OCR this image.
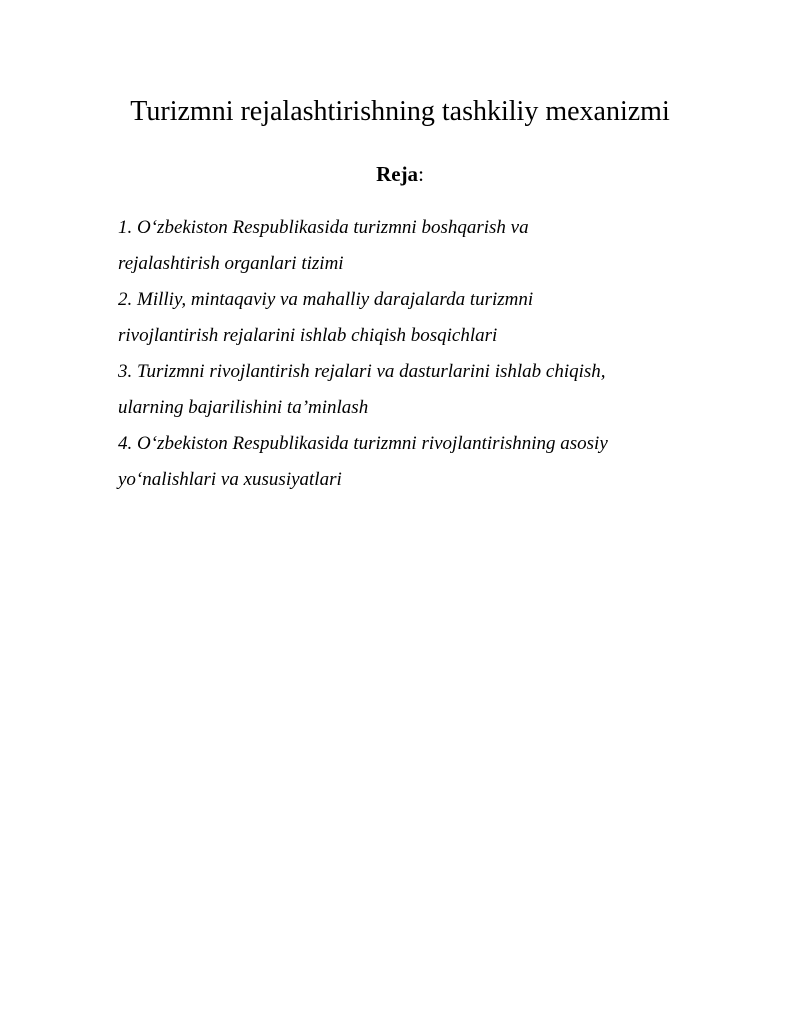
Turizmni rejalashtirishning tashkiliy mexanizmi

Reja:

1. O‘zbekiston Respublikasida turizmni boshqarish va
rejalashtirish organlari tizimi
2. Milliy, mintaqaviy va mahalliy darajalarda turizmni
rivojlantirish rejalarini ishlab chiqish bosqichlari
3. Turizmni rivojlantirish rejalari va dasturlarini ishlab chiqish,
ularning bajarilishini ta’minlash
4. O‘zbekiston Respublikasida turizmni rivojlantirishning asosiy
yo‘nalishlari va xususiyatlari
